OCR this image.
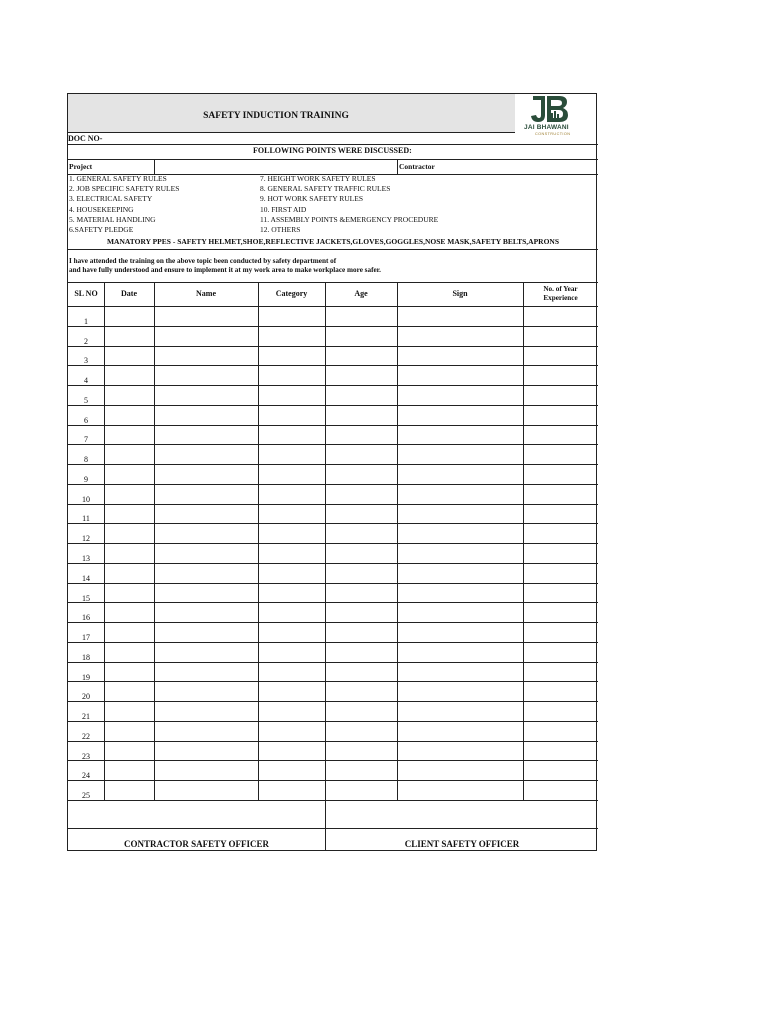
SAFETY INDUCTION TRAINING
JAI BHAWANI
CONSTRUCTION
DOC NO-
FOLLOWING POINTS WERE DISCUSSED:
Project	Contractor
1. GENERAL SAFETY RULES
2. JOB SPECIFIC SAFETY RULES
3. ELECTRICAL SAFETY
4. HOUSEKEEPING
5. MATERIAL HANDLING
6.SAFETY PLEDGE
7. HEIGHT WORK SAFETY RULES
8. GENERAL SAFETY TRAFFIC RULES
9. HOT WORK SAFETY RULES
10. FIRST AID
11. ASSEMBLY POINTS &EMERGENCY PROCEDURE
12. OTHERS
MANATORY PPES - SAFETY HELMET,SHOE,REFLECTIVE JACKETS,GLOVES,GOGGLES,NOSE MASK,SAFETY BELTS,APRONS
I have attended the training on the above topic been conducted by safety department of
and have fully understood and ensure to implement it at my work area to make workplace more safer.
SL NO	Date	Name	Category	Age	Sign	No. of Year
Experience
1
2
3
4
5
6
7
8
9
10
11
12
13
14
15
16
17
18
19
20
21
22
23
24
25
CONTRACTOR SAFETY OFFICER	CLIENT SAFETY OFFICER
